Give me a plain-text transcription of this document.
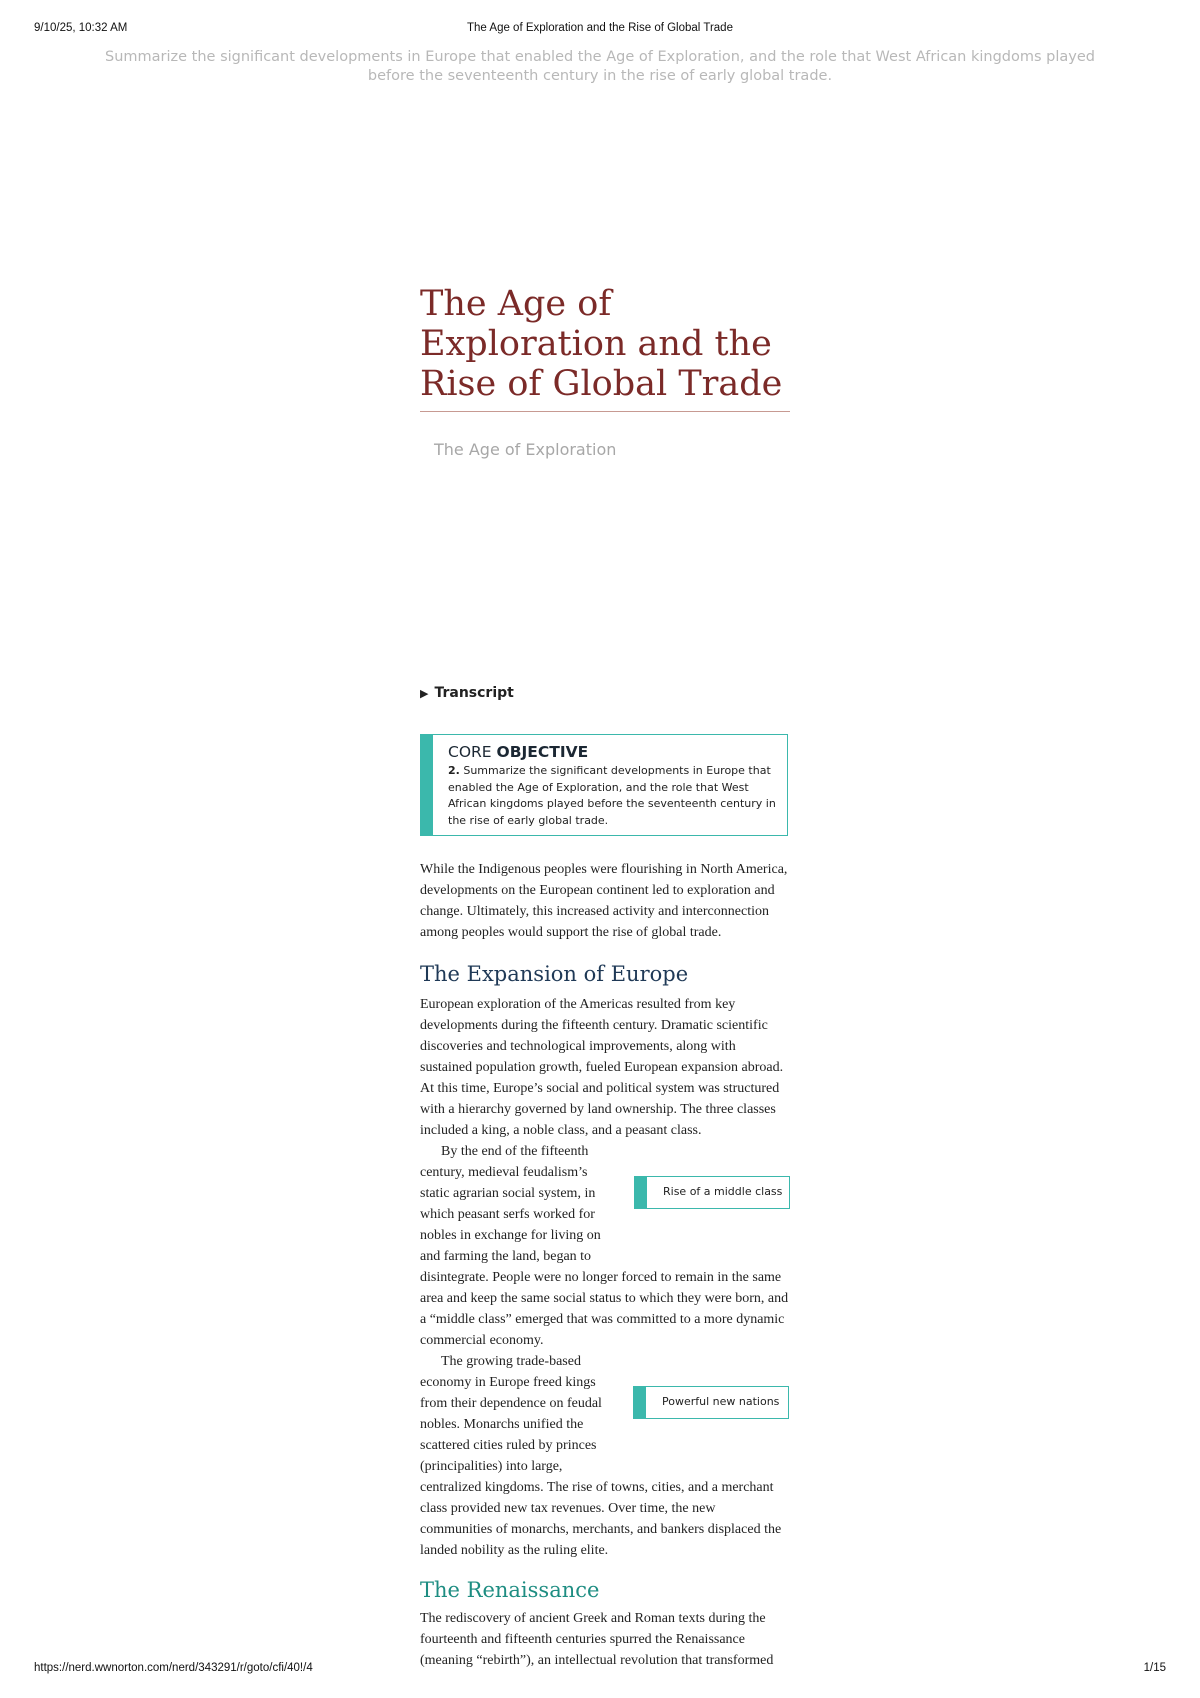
9/10/25, 10:32 AM	The Age of Exploration and the Rise of Global Trade
Summarize the significant developments in Europe that enabled the Age of Exploration, and the role that West African kingdoms played before the seventeenth century in the rise of early global trade.
The Age of Exploration and the Rise of Global Trade
The Age of Exploration
▶ Transcript
CORE OBJECTIVE
2. Summarize the significant developments in Europe that enabled the Age of Exploration, and the role that West African kingdoms played before the seventeenth century in the rise of early global trade.

While the Indigenous peoples were flourishing in North America, developments on the European continent led to exploration and change. Ultimately, this increased activity and interconnection among peoples would support the rise of global trade.

The Expansion of Europe

European exploration of the Americas resulted from key developments during the fifteenth century. Dramatic scientific discoveries and technological improvements, along with sustained population growth, fueled European expansion abroad. At this time, Europe’s social and political system was structured with a hierarchy governed by land ownership. The three classes included a king, a noble class, and a peasant class.

By the end of the fifteenth
century, medieval feudalism’s
static agrarian social system, in
which peasant serfs worked for
nobles in exchange for living on
and farming the land, began to

disintegrate. People were no longer forced to remain in the same area and keep the same social status to which they were born, and a “middle class” emerged that was committed to a more dynamic commercial economy.

Rise of a middle class
The growing trade-based
economy in Europe freed kings
from their dependence on feudal
nobles. Monarchs unified the
scattered cities ruled by princes
(principalities) into large,

centralized kingdoms. The rise of towns, cities, and a merchant class provided new tax revenues. Over time, the new communities of monarchs, merchants, and bankers displaced the landed nobility as the ruling elite.

Powerful new nations
The Renaissance

The rediscovery of ancient Greek and Roman texts during the fourteenth and fifteenth centuries spurred the Renaissance (meaning “rebirth”), an intellectual revolution that transformed

https://nerd.wwnorton.com/nerd/343291/r/goto/cfi/40!/4	1/15
